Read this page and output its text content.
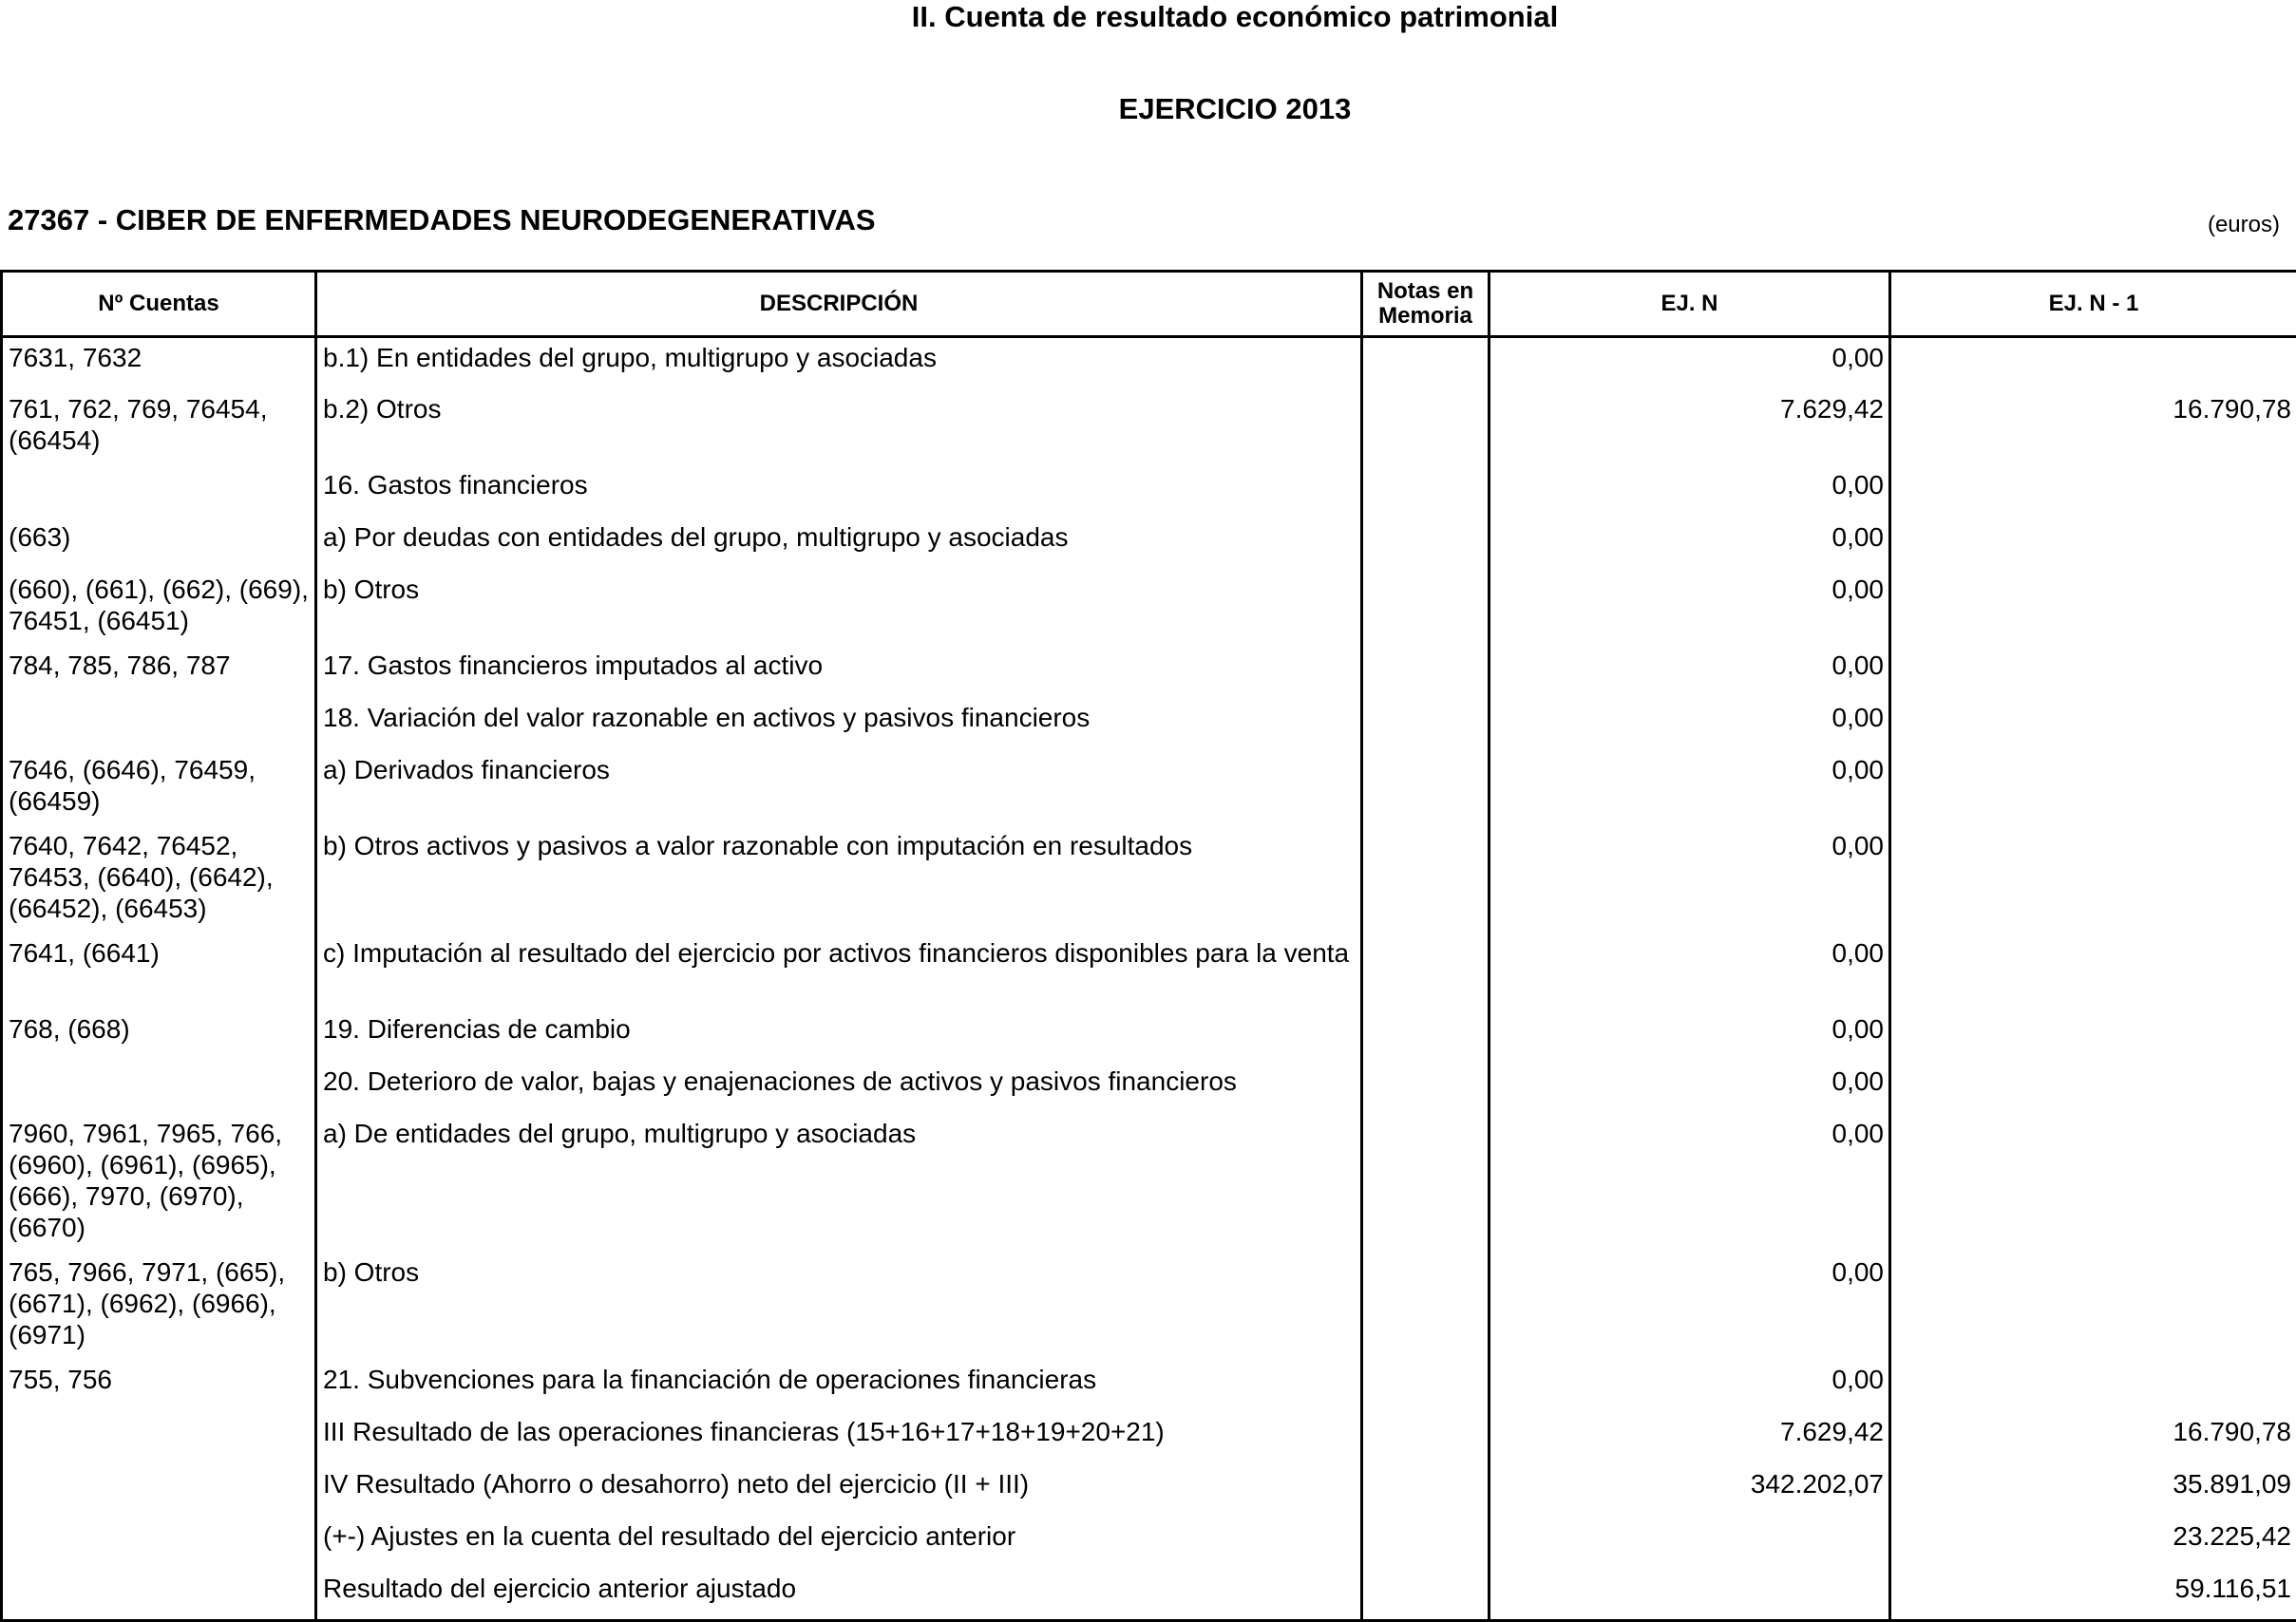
II. Cuenta de resultado económico patrimonial
EJERCICIO 2013
27367 - CIBER DE ENFERMEDADES NEURODEGENERATIVAS	(euros)
Nº Cuentas	DESCRIPCIÓN	Notas en Memoria	EJ. N	EJ. N - 1
7631, 7632	b.1) En entidades del grupo, multigrupo y asociadas		0,00	
761, 762, 769, 76454, (66454)	b.2) Otros		7.629,42	16.790,78
	16. Gastos financieros		0,00	
(663)	a) Por deudas con entidades del grupo, multigrupo y asociadas		0,00	
(660), (661), (662), (669), 76451, (66451)	b) Otros		0,00	
784, 785, 786, 787	17. Gastos financieros imputados al activo		0,00	
	18. Variación del valor razonable en activos y pasivos financieros		0,00	
7646, (6646), 76459, (66459)	a) Derivados financieros		0,00	
7640, 7642, 76452, 76453, (6640), (6642), (66452), (66453)	b) Otros activos y pasivos a valor razonable con imputación en resultados		0,00	
7641, (6641)	c) Imputación al resultado del ejercicio por activos financieros disponibles para la venta		0,00	
768, (668)	19. Diferencias de cambio		0,00	
	20. Deterioro de valor, bajas y enajenaciones de activos y pasivos financieros		0,00	
7960, 7961, 7965, 766, (6960), (6961), (6965), (666), 7970, (6970), (6670)	a) De entidades del grupo, multigrupo y asociadas		0,00	
765, 7966, 7971, (665), (6671), (6962), (6966), (6971)	b) Otros		0,00	
755, 756	21. Subvenciones para la financiación de operaciones financieras		0,00	
	III Resultado de las operaciones financieras (15+16+17+18+19+20+21)		7.629,42	16.790,78
	IV Resultado (Ahorro o desahorro) neto del ejercicio (II + III)		342.202,07	35.891,09
	(+-) Ajustes en la cuenta del resultado del ejercicio anterior			23.225,42
	Resultado del ejercicio anterior ajustado			59.116,51
